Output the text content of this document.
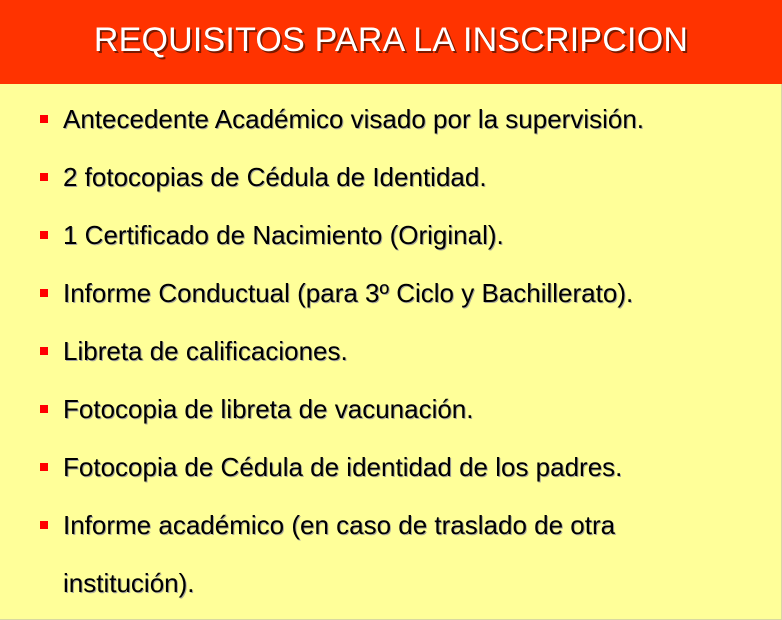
REQUISITOS PARA LA INSCRIPCION
Antecedente Académico visado por la supervisión.
2 fotocopias de Cédula de Identidad.
1 Certificado de Nacimiento (Original).
Informe Conductual (para 3º Ciclo y Bachillerato).
Libreta de calificaciones.
Fotocopia de libreta de vacunación.
Fotocopia de Cédula de identidad de los padres.
Informe académico (en caso de traslado de otra institución).
